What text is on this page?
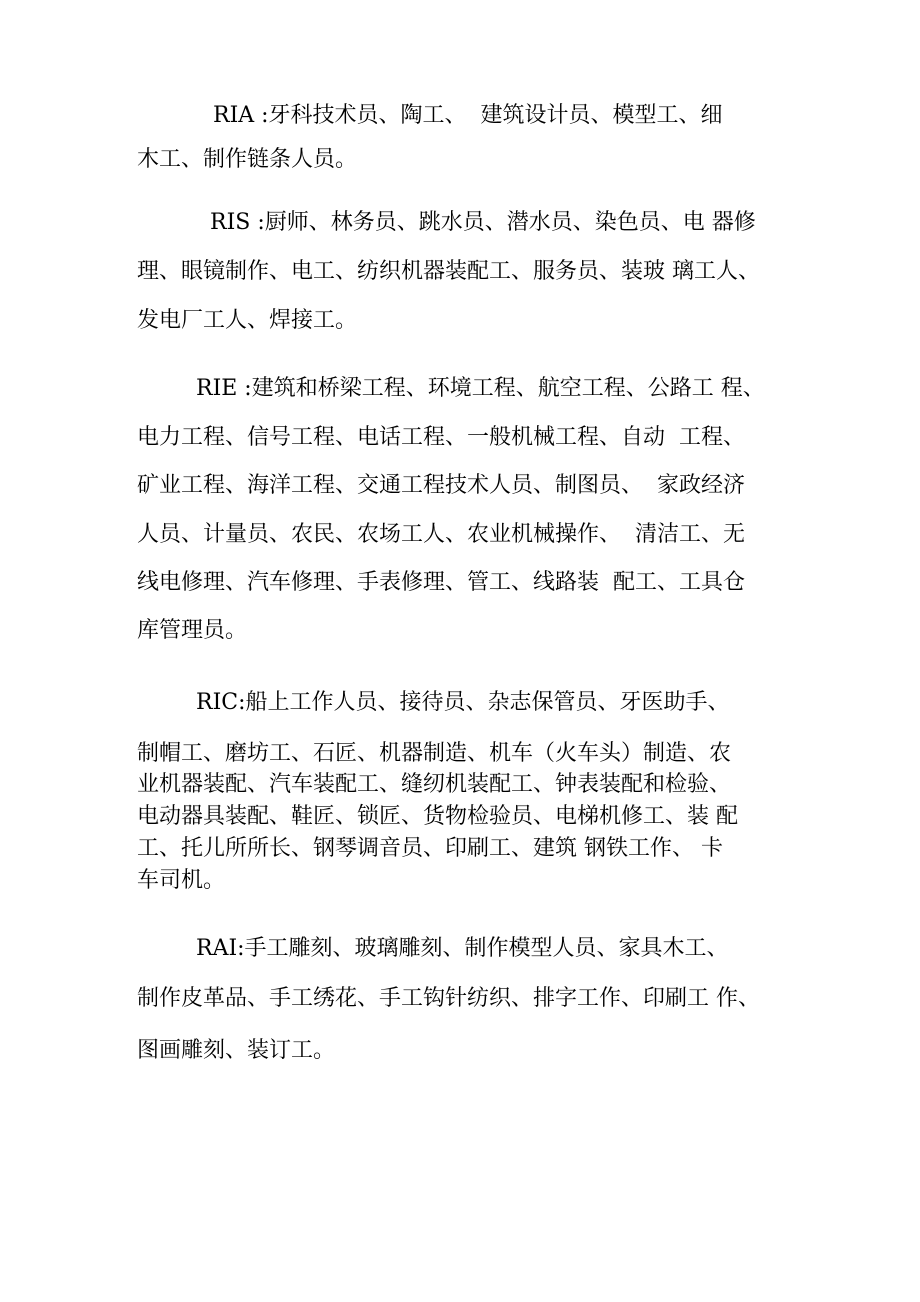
RIA :牙科技术员、陶工、  建筑设计员、模型工、细

木工、制作链条人员。

RIS :厨师、林务员、跳水员、潜水员、染色员、电 器修

理、眼镜制作、电工、纺织机器装配工、服务员、装玻 璃工人、

发电厂工人、焊接工。

RIE :建筑和桥梁工程、环境工程、航空工程、公路工 程、

电力工程、信号工程、电话工程、一般机械工程、自动  工程、

矿业工程、海洋工程、交通工程技术人员、制图员、  家政经济

人员、计量员、农民、农场工人、农业机械操作、  清洁工、无

线电修理、汽车修理、手表修理、管工、线路装  配工、工具仓

库管理员。

RIC:船上工作人员、接待员、杂志保管员、牙医助手、

制帽工、磨坊工、石匠、机器制造、机车（火车头）制造、农

业机器装配、汽车装配工、缝纫机装配工、钟表装配和检验、

电动器具装配、鞋匠、锁匠、货物检验员、电梯机修工、装 配

工、托儿所所长、钢琴调音员、印刷工、建筑 钢铁工作、 卡

车司机。

RAI:手工雕刻、玻璃雕刻、制作模型人员、家具木工、

制作皮革品、手工绣花、手工钩针纺织、排字工作、印刷工 作、

图画雕刻、装订工。
